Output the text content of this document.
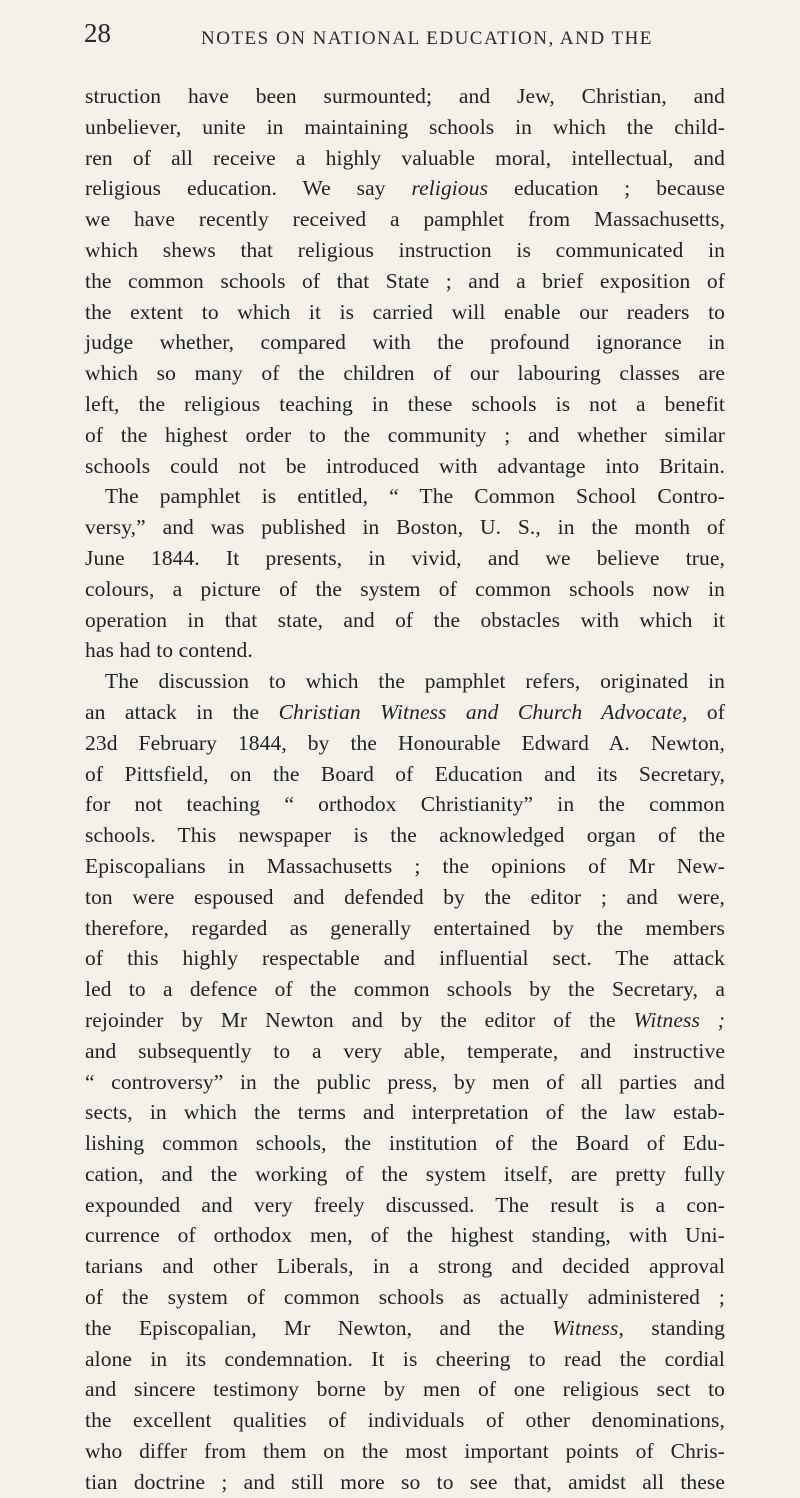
28	NOTES ON NATIONAL EDUCATION, AND THE
struction have been surmounted; and Jew, Christian, and
unbeliever, unite in maintaining schools in which the child-
ren of all receive a highly valuable moral, intellectual, and
religious education. We say religious education ; because
we have recently received a pamphlet from Massachusetts,
which shews that religious instruction is communicated in
the common schools of that State ; and a brief exposition of
the extent to which it is carried will enable our readers to
judge whether, compared with the profound ignorance in
which so many of the children of our labouring classes are
left, the religious teaching in these schools is not a benefit
of the highest order to the community ; and whether similar
schools could not be introduced with advantage into Britain.
The pamphlet is entitled, “ The Common School Contro-
versy,” and was published in Boston, U. S., in the month of
June 1844. It presents, in vivid, and we believe true,
colours, a picture of the system of common schools now in
operation in that state, and of the obstacles with which it
has had to contend.
The discussion to which the pamphlet refers, originated in
an attack in the Christian Witness and Church Advocate, of
23d February 1844, by the Honourable Edward A. Newton,
of Pittsfield, on the Board of Education and its Secretary,
for not teaching “ orthodox Christianity” in the common
schools. This newspaper is the acknowledged organ of the
Episcopalians in Massachusetts ; the opinions of Mr New-
ton were espoused and defended by the editor ; and were,
therefore, regarded as generally entertained by the members
of this highly respectable and influential sect. The attack
led to a defence of the common schools by the Secretary, a
rejoinder by Mr Newton and by the editor of the Witness ;
and subsequently to a very able, temperate, and instructive
“ controversy” in the public press, by men of all parties and
sects, in which the terms and interpretation of the law estab-
lishing common schools, the institution of the Board of Edu-
cation, and the working of the system itself, are pretty fully
expounded and very freely discussed. The result is a con-
currence of orthodox men, of the highest standing, with Uni-
tarians and other Liberals, in a strong and decided approval
of the system of common schools as actually administered ;
the Episcopalian, Mr Newton, and the Witness, standing
alone in its condemnation. It is cheering to read the cordial
and sincere testimony borne by men of one religious sect to
the excellent qualities of individuals of other denominations,
who differ from them on the most important points of Chris-
tian doctrine ; and still more so to see that, amidst all these
